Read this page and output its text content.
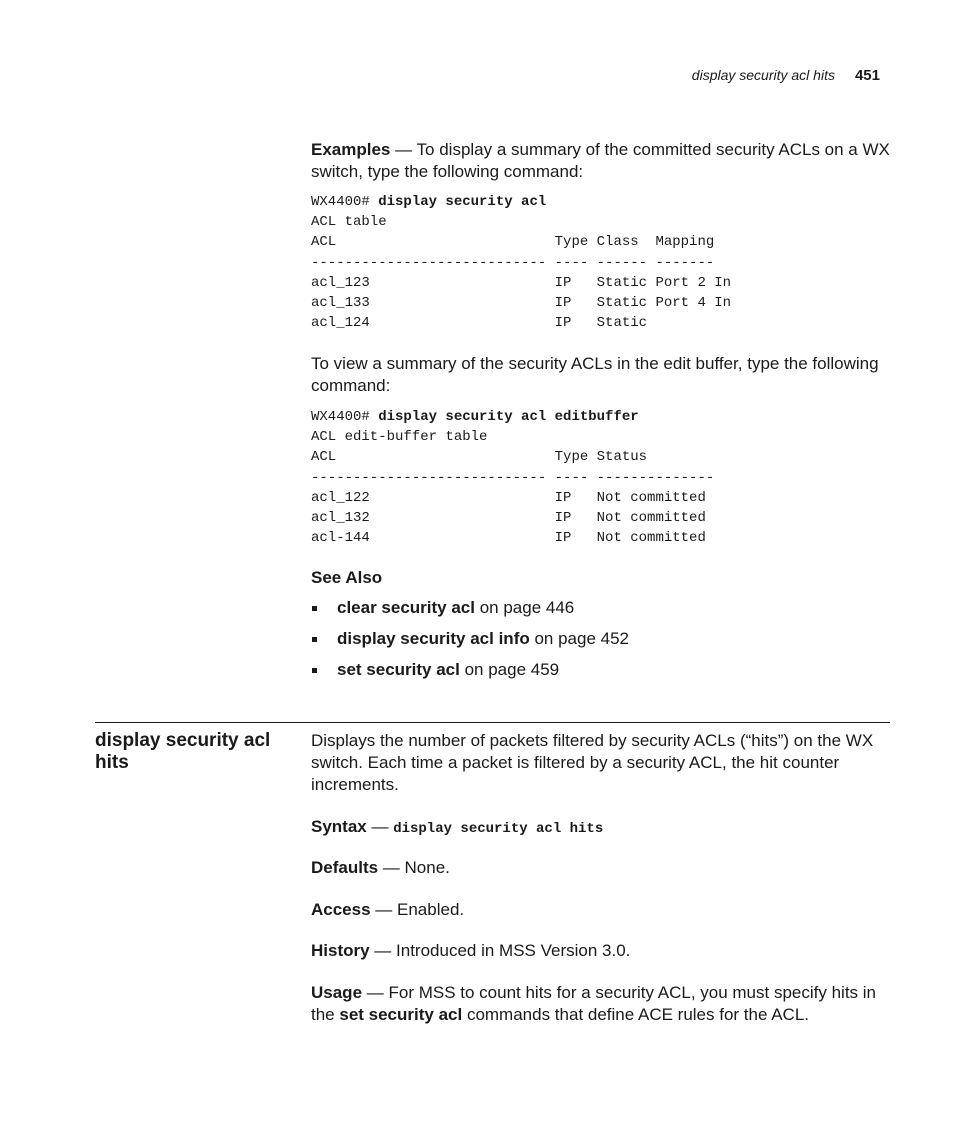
display security acl hits 451

Examples — To display a summary of the committed security ACLs on a WX switch, type the following command:

WX4400# display security acl
ACL table
ACL                          Type Class  Mapping
---------------------------- ---- ------ -------
acl_123                      IP   Static Port 2 In
acl_133                      IP   Static Port 4 In
acl_124                      IP   Static

To view a summary of the security ACLs in the edit buffer, type the following command:

WX4400# display security acl editbuffer
ACL edit-buffer table
ACL                          Type Status
---------------------------- ---- --------------
acl_122                      IP   Not committed
acl_132                      IP   Not committed
acl-144                      IP   Not committed
See Also
clear security acl on page 446
display security acl info on page 452
set security acl on page 459
display security acl hits

Displays the number of packets filtered by security ACLs (“hits”) on the WX switch. Each time a packet is filtered by a security ACL, the hit counter increments.

Syntax — display security acl hits

Defaults — None.

Access — Enabled.

History — Introduced in MSS Version 3.0.

Usage — For MSS to count hits for a security ACL, you must specify hits in the set security acl commands that define ACE rules for the ACL.
